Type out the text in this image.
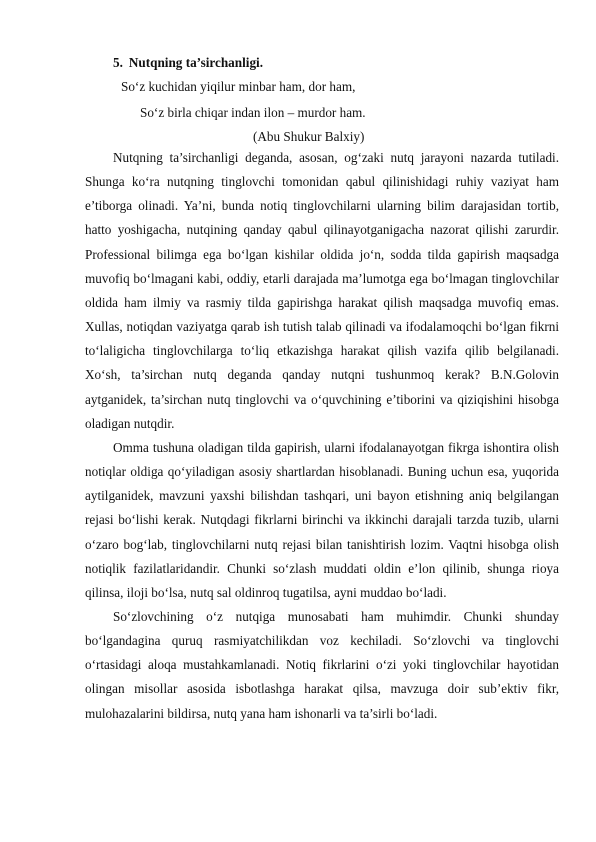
5. Nutqning ta’sirchanligi.
So‘z kuchidan yiqilur minbar ham, dor ham,
So‘z birla chiqar indan ilon – murdor ham.
(Abu Shukur Balxiy)

Nutqning ta’sirchanligi deganda, asosan, og‘zaki nutq jarayoni nazarda tutiladi. Shunga ko‘ra nutqning tinglovchi tomonidan qabul qilinishidagi ruhiy vaziyat ham e’tiborga olinadi. Ya’ni, bunda notiq tinglovchilarni ularning bilim darajasidan tortib, hatto yoshigacha, nutqining qanday qabul qilinayotganigacha nazorat qilishi zarurdir. Professional bilimga ega bo‘lgan kishilar oldida jo‘n, sodda tilda gapirish maqsadga muvofiq bo‘lmagani kabi, oddiy, etarli darajada ma’lumotga ega bo‘lmagan tinglovchilar oldida ham ilmiy va rasmiy tilda gapirishga harakat qilish maqsadga muvofiq emas. Xullas, notiqdan vaziyatga qarab ish tutish talab qilinadi va ifodalamoqchi bo‘lgan fikrni to‘laligicha tinglovchilarga to‘liq etkazishga harakat qilish vazifa qilib belgilanadi. Xo‘sh, ta’sirchan nutq deganda qanday nutqni tushunmoq kerak? B.N.Golovin aytganidek, ta’sirchan nutq tinglovchi va o‘quvchining e’tiborini va qiziqishini hisobga oladigan nutqdir.

Omma tushuna oladigan tilda gapirish, ularni ifodalanayotgan fikrga ishontira olish notiqlar oldiga qo‘yiladigan asosiy shartlardan hisoblanadi. Buning uchun esa, yuqorida aytilganidek, mavzuni yaxshi bilishdan tashqari, uni bayon etishning aniq belgilangan rejasi bo‘lishi kerak. Nutqdagi fikrlarni birinchi va ikkinchi darajali tarzda tuzib, ularni o‘zaro bog‘lab, tinglovchilarni nutq rejasi bilan tanishtirish lozim. Vaqtni hisobga olish notiqlik fazilatlaridandir. Chunki so‘zlash muddati oldin e’lon qilinib, shunga rioya qilinsa, iloji bo‘lsa, nutq sal oldinroq tugatilsa, ayni muddao bo‘ladi.

So‘zlovchining o‘z nutqiga munosabati ham muhimdir. Chunki shunday bo‘lgandagina quruq rasmiyatchilikdan voz kechiladi. So‘zlovchi va tinglovchi o‘rtasidagi aloqa mustahkamlanadi. Notiq fikrlarini o‘zi yoki tinglovchilar hayotidan olingan misollar asosida isbotlashga harakat qilsa, mavzuga doir sub’ektiv fikr, mulohazalarini bildirsa, nutq yana ham ishonarli va ta’sirli bo‘ladi.
